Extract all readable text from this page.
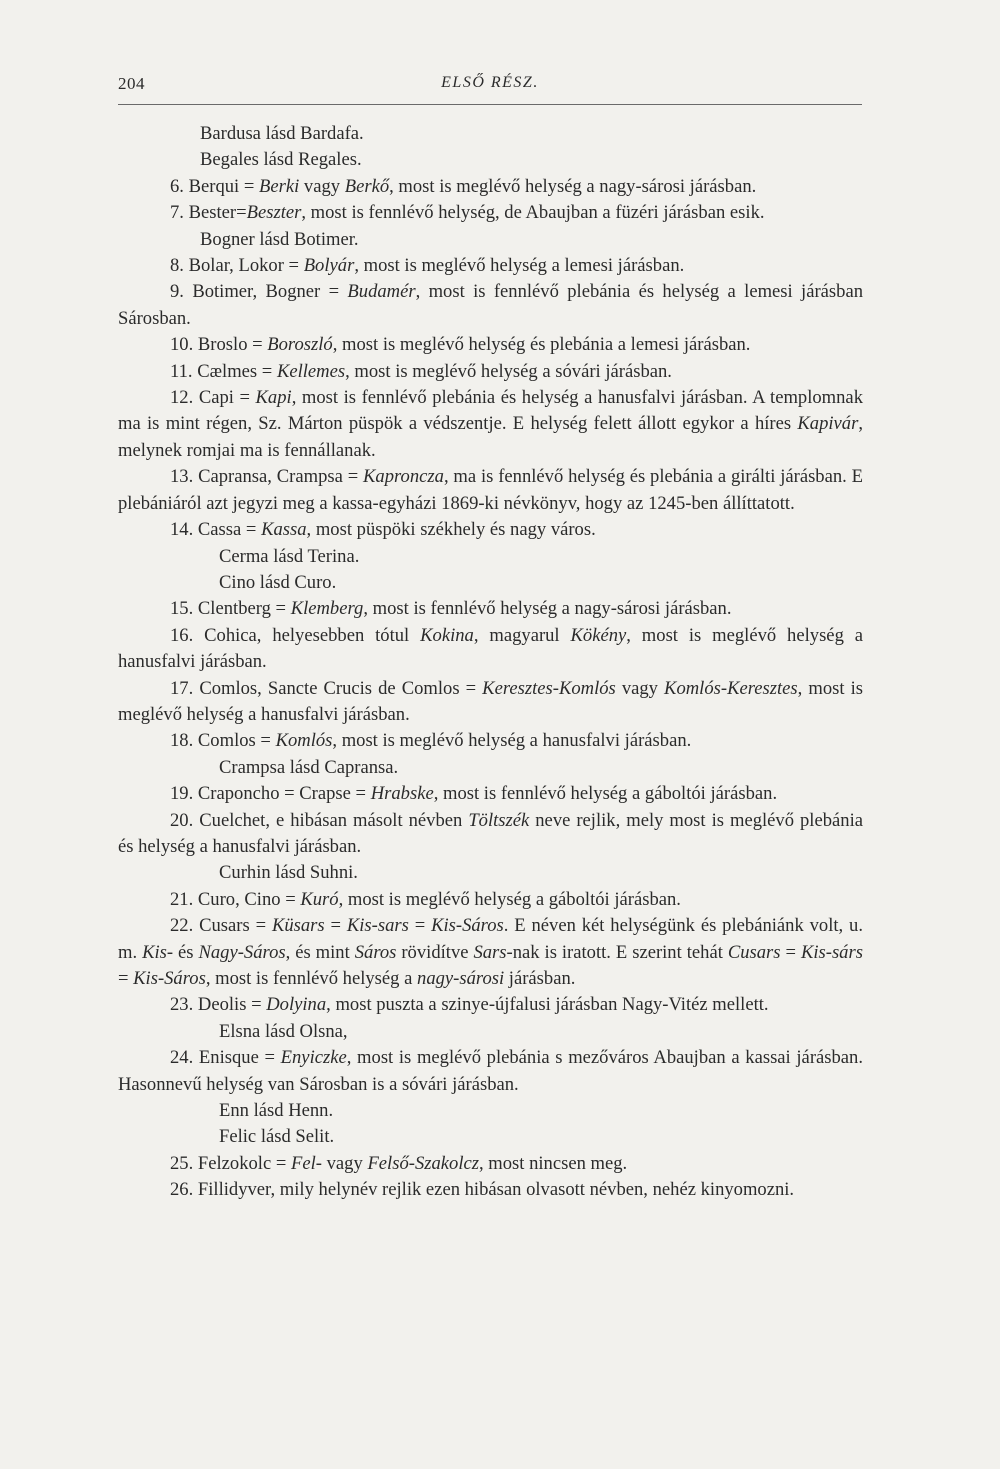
204	ELSŐ RÉSZ.

Bardusa lásd Bardafa.

Begales lásd Regales.

6. Berqui = Berki vagy Berkő, most is meglévő helység a nagy-sárosi járásban.

7. Bester=Beszter, most is fennlévő helység, de Abaujban a füzéri járásban esik.

Bogner lásd Botimer.

8. Bolar, Lokor = Bolyár, most is meglévő helység a lemesi járásban.

9. Botimer, Bogner = Budamér, most is fennlévő plebánia és helység a lemesi járásban Sárosban.

10. Broslo = Boroszló, most is meglévő helység és plebánia a lemesi járásban.

11. Cælmes = Kellemes, most is meglévő helység a sóvári járásban.

12. Capi = Kapi, most is fennlévő plebánia és helység a hanusfalvi járásban. A templomnak ma is mint régen, Sz. Márton püspök a védszentje. E helység felett állott egykor a híres Kapivár, melynek romjai ma is fennállanak.

13. Capransa, Crampsa = Kaproncza, ma is fennlévő helység és plebánia a girálti járásban. E plebániáról azt jegyzi meg a kassa-egyházi 1869-ki névkönyv, hogy az 1245-ben állíttatott.

14. Cassa = Kassa, most püspöki székhely és nagy város.

Cerma lásd Terina.

Cino lásd Curo.

15. Clentberg = Klemberg, most is fennlévő helység a nagy-sárosi járásban.

16. Cohica, helyesebben tótul Kokina, magyarul Kökény, most is meglévő helység a hanusfalvi járásban.

17. Comlos, Sancte Crucis de Comlos = Keresztes-Komlós vagy Komlós-Keresztes, most is meglévő helység a hanusfalvi járásban.

18. Comlos = Komlós, most is meglévő helység a hanusfalvi járásban.

Crampsa lásd Capransa.

19. Craponcho = Crapse = Hrabske, most is fennlévő helység a gáboltói járásban.

20. Cuelchet, e hibásan másolt névben Töltszék neve rejlik, mely most is meglévő plebánia és helység a hanusfalvi járásban.

Curhin lásd Suhni.

21. Curo, Cino = Kuró, most is meglévő helység a gáboltói járásban.

22. Cusars = Küsars = Kis-sars = Kis-Sáros. E néven két helységünk és plebániánk volt, u. m. Kis- és Nagy-Sáros, és mint Sáros rövidítve Sars-nak is iratott. E szerint tehát Cusars = Kis-sárs = Kis-Sáros, most is fennlévő helység a nagy-sárosi járásban.

23. Deolis = Dolyina, most puszta a szinye-újfalusi járásban Nagy-Vitéz mellett.

Elsna lásd Olsna,

24. Enisque = Enyiczke, most is meglévő plebánia s mezőváros Abaujban a kassai járásban. Hasonnevű helység van Sárosban is a sóvári járásban.

Enn lásd Henn.

Felic lásd Selit.

25. Felzokolc = Fel- vagy Felső-Szakolcz, most nincsen meg.

26. Fillidyver, mily helynév rejlik ezen hibásan olvasott névben, nehéz kinyomozni.
